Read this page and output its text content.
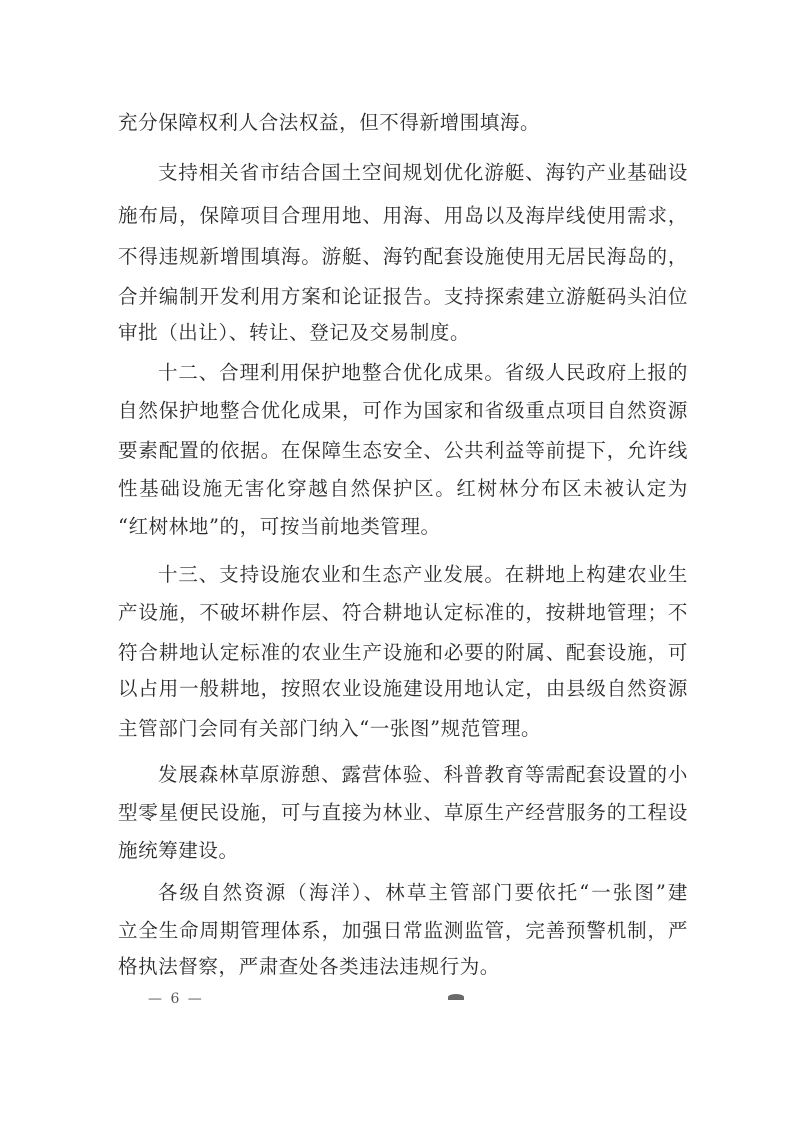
充分保障权利人合法权益，但不得新增围填海。
支持相关省市结合国土空间规划优化游艇、海钓产业基础设
施布局，保障项目合理用地、用海、用岛以及海岸线使用需求，
不得违规新增围填海。游艇、海钓配套设施使用无居民海岛的，
合并编制开发利用方案和论证报告。支持探索建立游艇码头泊位
审批（出让）、转让、登记及交易制度。
十二、合理利用保护地整合优化成果。省级人民政府上报的
自然保护地整合优化成果，可作为国家和省级重点项目自然资源
要素配置的依据。在保障生态安全、公共利益等前提下，允许线
性基础设施无害化穿越自然保护区。红树林分布区未被认定为
“红树林地”的，可按当前地类管理。
十三、支持设施农业和生态产业发展。在耕地上构建农业生
产设施，不破坏耕作层、符合耕地认定标准的，按耕地管理；不
符合耕地认定标准的农业生产设施和必要的附属、配套设施，可
以占用一般耕地，按照农业设施建设用地认定，由县级自然资源
主管部门会同有关部门纳入“一张图”规范管理。
发展森林草原游憩、露营体验、科普教育等需配套设置的小
型零星便民设施，可与直接为林业、草原生产经营服务的工程设
施统筹建设。
各级自然资源（海洋）、林草主管部门要依托“一张图”建
立全生命周期管理体系，加强日常监测监管，完善预警机制，严
格执法督察，严肃查处各类违法违规行为。
— 6 —
